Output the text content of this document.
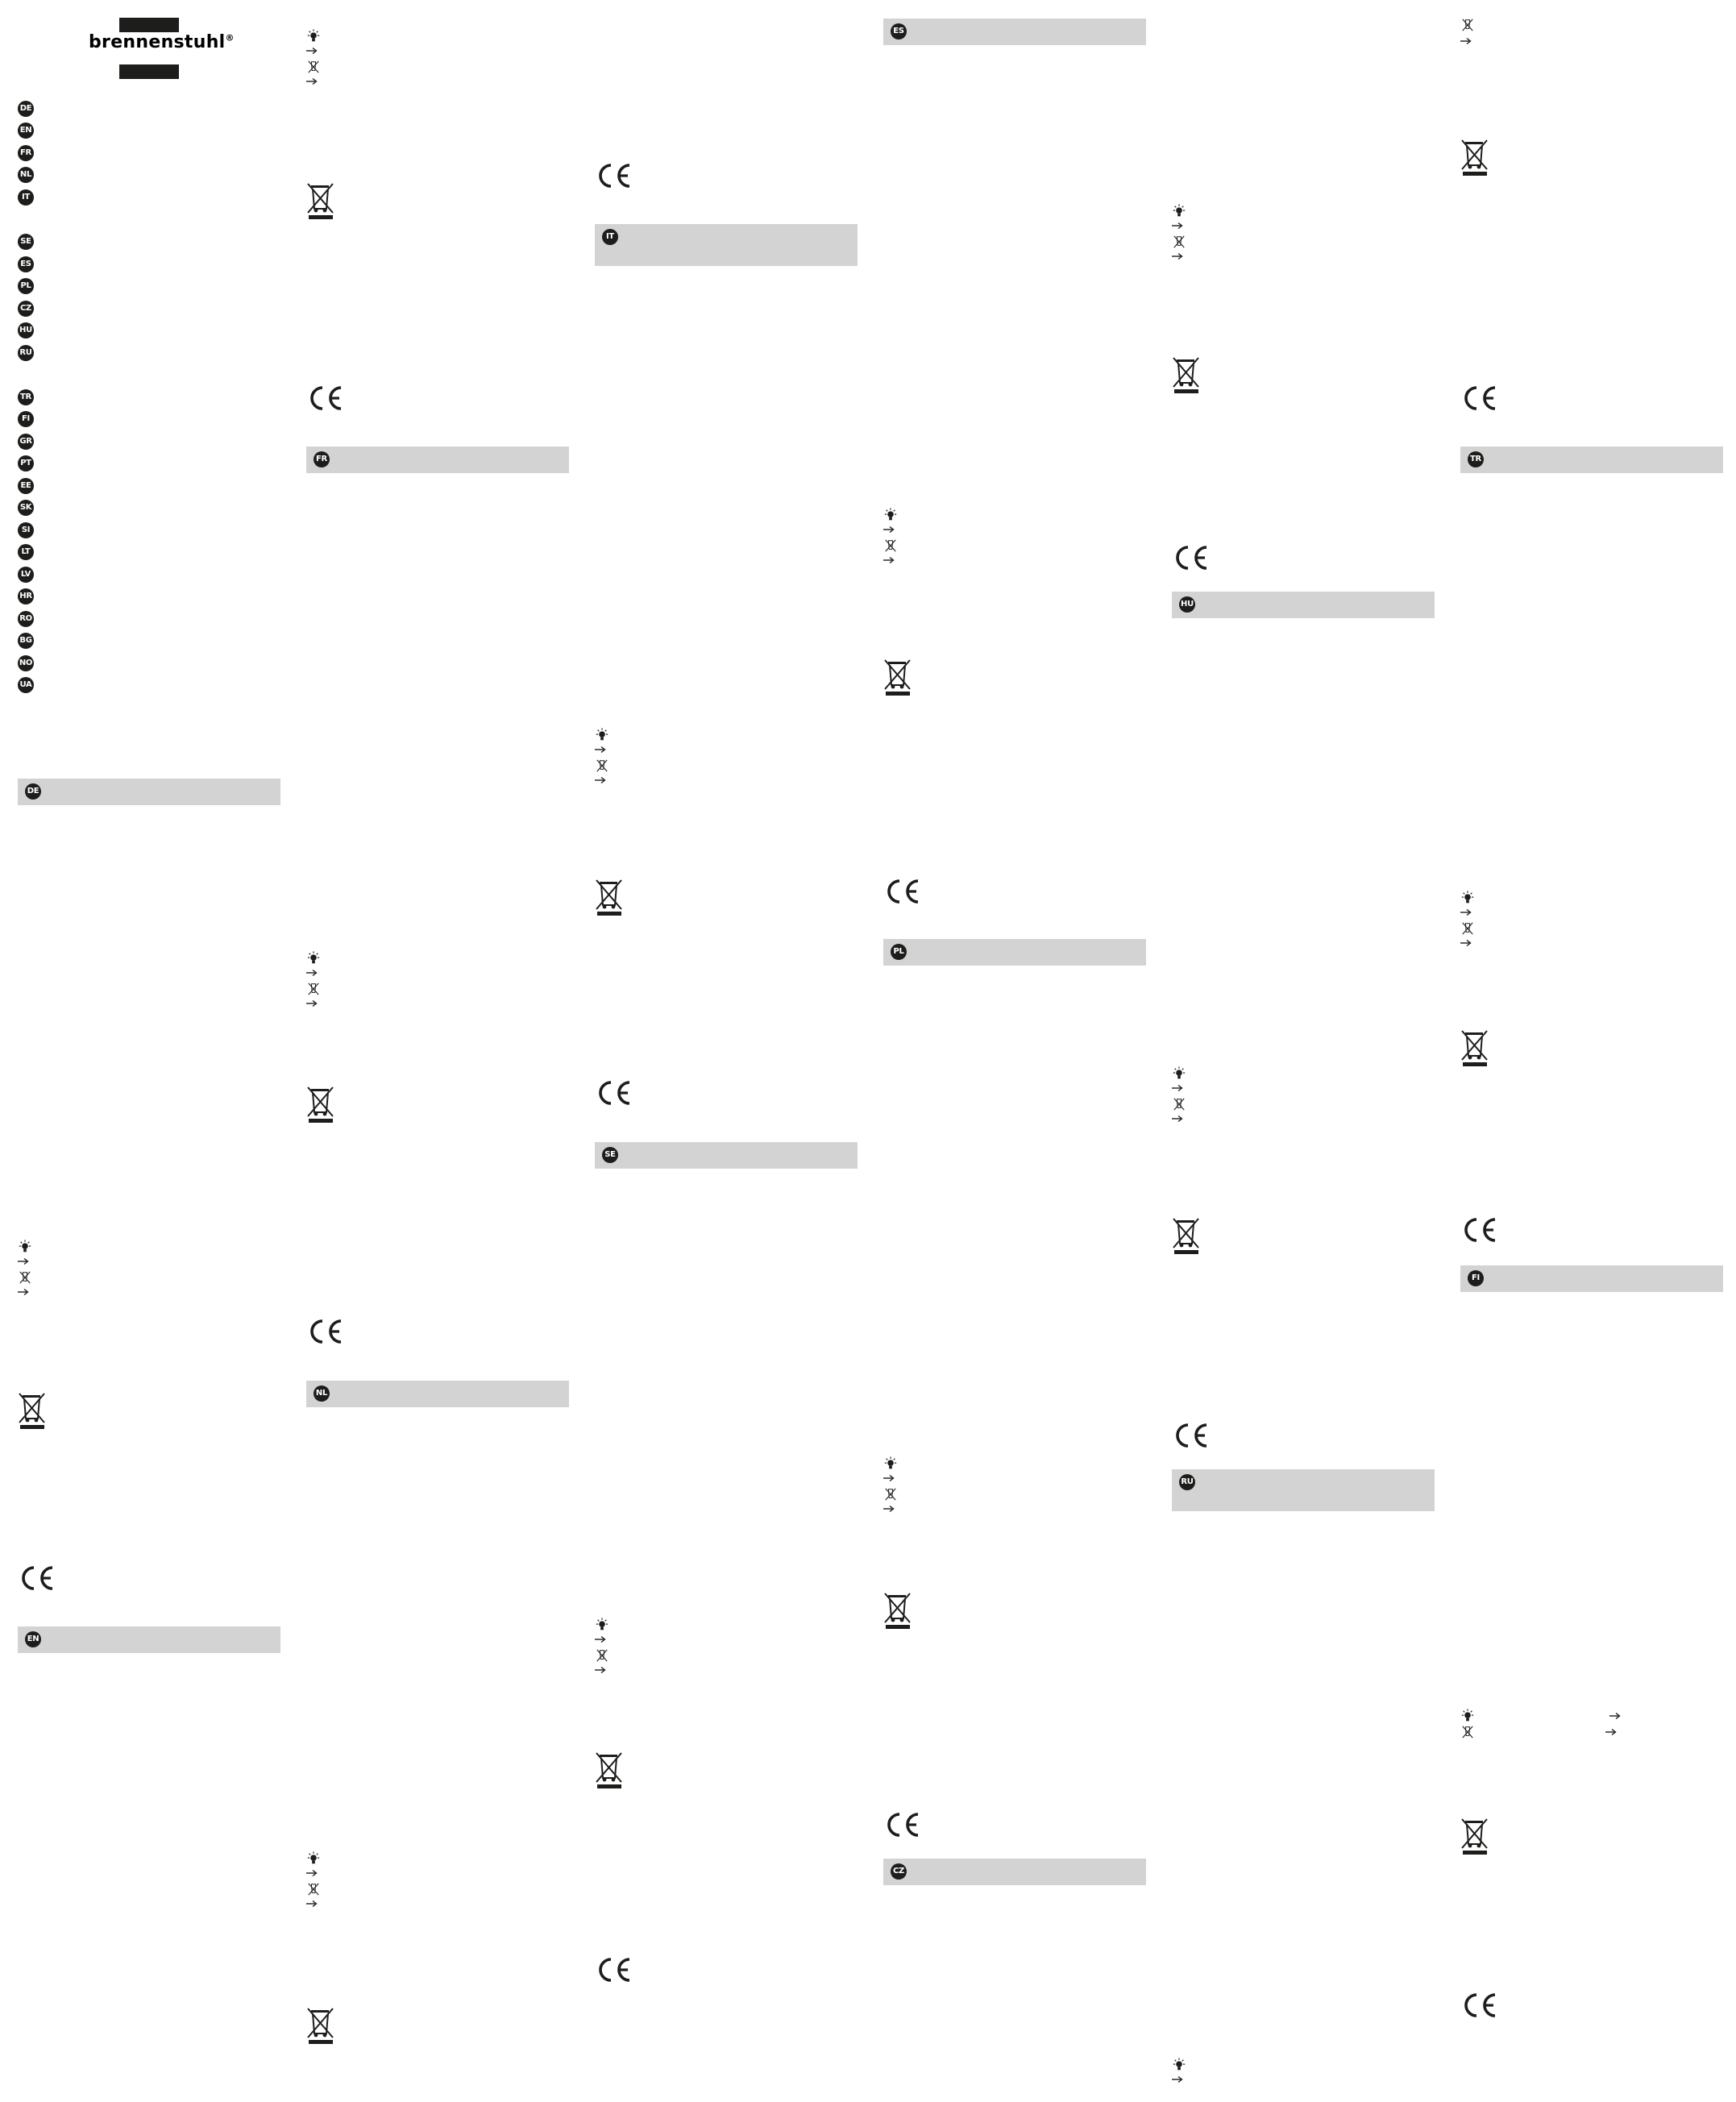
brennenstuhl®
DE
EN
FR
NL
IT
SE
ES
PL
CZ
HU
RU
TR
FI
GR
PT
EE
SK
SI
LT
LV
HR
RO
BG
NO
UA
DE
EN
FR
NL
IT
SE
ES
PL
CZ
HU
RU
TR
FI
